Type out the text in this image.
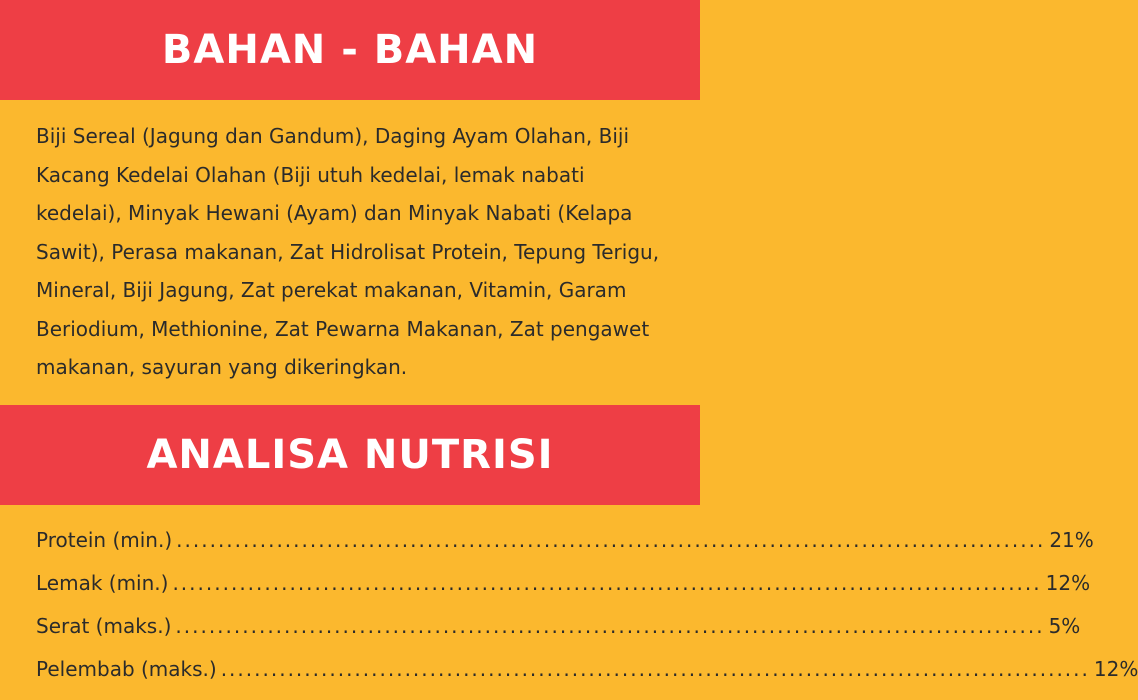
BAHAN - BAHAN

Biji Sereal (Jagung dan Gandum), Daging Ayam Olahan, Biji Kacang Kedelai Olahan (Biji utuh kedelai, lemak nabati kedelai), Minyak Hewani (Ayam) dan Minyak Nabati (Kelapa Sawit), Perasa makanan, Zat Hidrolisat Protein, Tepung Terigu, Mineral, Biji Jagung, Zat perekat makanan, Vitamin, Garam Beriodium, Methionine, Zat Pewarna Makanan, Zat pengawet makanan, sayuran yang dikeringkan.

ANALISA NUTRISI
Protein (min.) ........................................................................................................ 21%
Lemak (min.) ........................................................................................................ 12%
Serat (maks.) ........................................................................................................ 5%
Pelembab (maks.) ........................................................................................................ 12%
